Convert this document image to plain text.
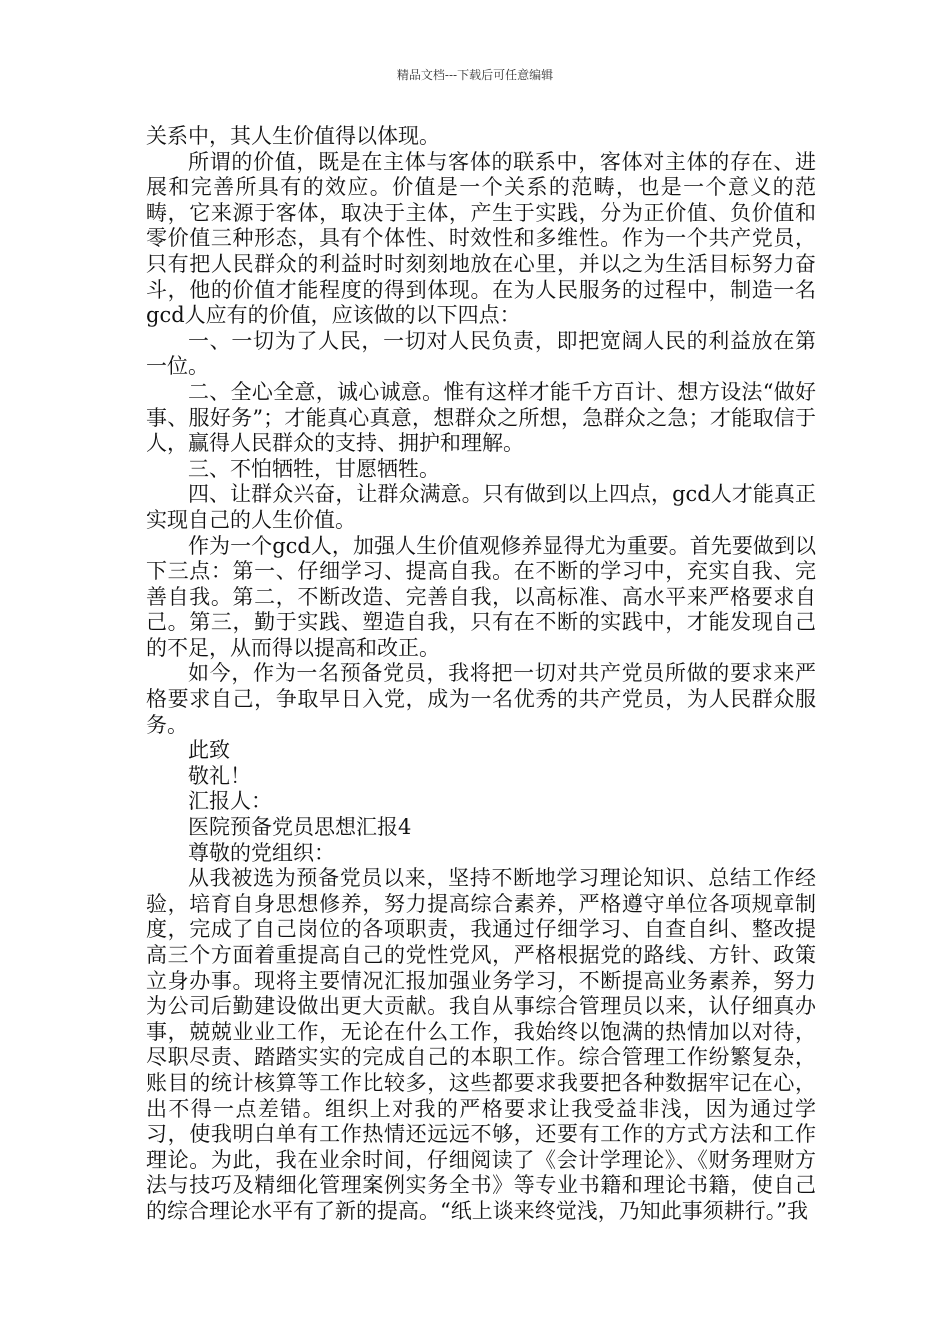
精品文档---下载后可任意编辑

关系中，其人生价值得以体现。

所谓的价值，既是在主体与客体的联系中，客体对主体的存在、进展和完善所具有的效应。价值是一个关系的范畴，也是一个意义的范畴，它来源于客体，取决于主体，产生于实践，分为正价值、负价值和零价值三种形态，具有个体性、时效性和多维性。作为一个共产党员，只有把人民群众的利益时时刻刻地放在心里，并以之为生活目标努力奋斗，他的价值才能程度的得到体现。在为人民服务的过程中，制造一名gcd人应有的价值，应该做的以下四点：

一、一切为了人民，一切对人民负责，即把宽阔人民的利益放在第一位。

二、全心全意，诚心诚意。惟有这样才能千方百计、想方设法“做好事、服好务”；才能真心真意，想群众之所想，急群众之急；才能取信于人，赢得人民群众的支持、拥护和理解。

三、不怕牺牲，甘愿牺牲。

四、让群众兴奋，让群众满意。只有做到以上四点，gcd人才能真正实现自己的人生价值。

作为一个gcd人，加强人生价值观修养显得尤为重要。首先要做到以下三点：第一、仔细学习、提高自我。在不断的学习中，充实自我、完善自我。第二，不断改造、完善自我，以高标准、高水平来严格要求自己。第三，勤于实践、塑造自我，只有在不断的实践中，才能发现自己的不足，从而得以提高和改正。

如今，作为一名预备党员，我将把一切对共产党员所做的要求来严格要求自己，争取早日入党，成为一名优秀的共产党员，为人民群众服务。

此致

敬礼！

汇报人：

医院预备党员思想汇报4

尊敬的党组织：

从我被选为预备党员以来，坚持不断地学习理论知识、总结工作经验，培育自身思想修养，努力提高综合素养，严格遵守单位各项规章制度，完成了自己岗位的各项职责，我通过仔细学习、自查自纠、整改提高三个方面着重提高自己的党性党风，严格根据党的路线、方针、政策立身办事。现将主要情况汇报加强业务学习，不断提高业务素养，努力为公司后勤建设做出更大贡献。我自从事综合管理员以来，认仔细真办事，兢兢业业工作，无论在什么工作，我始终以饱满的热情加以对待，尽职尽责、踏踏实实的完成自己的本职工作。综合管理工作纷繁复杂，账目的统计核算等工作比较多，这些都要求我要把各种数据牢记在心，出不得一点差错。组织上对我的严格要求让我受益非浅，因为通过学习，使我明白单有工作热情还远远不够，还要有工作的方式方法和工作理论。为此，我在业余时间，仔细阅读了《会计学理论》、《财务理财方法与技巧及精细化管理案例实务全书》等专业书籍和理论书籍，使自己的综合理论水平有了新的提高。“纸上谈来终觉浅，乃知此事须耕行。”我
